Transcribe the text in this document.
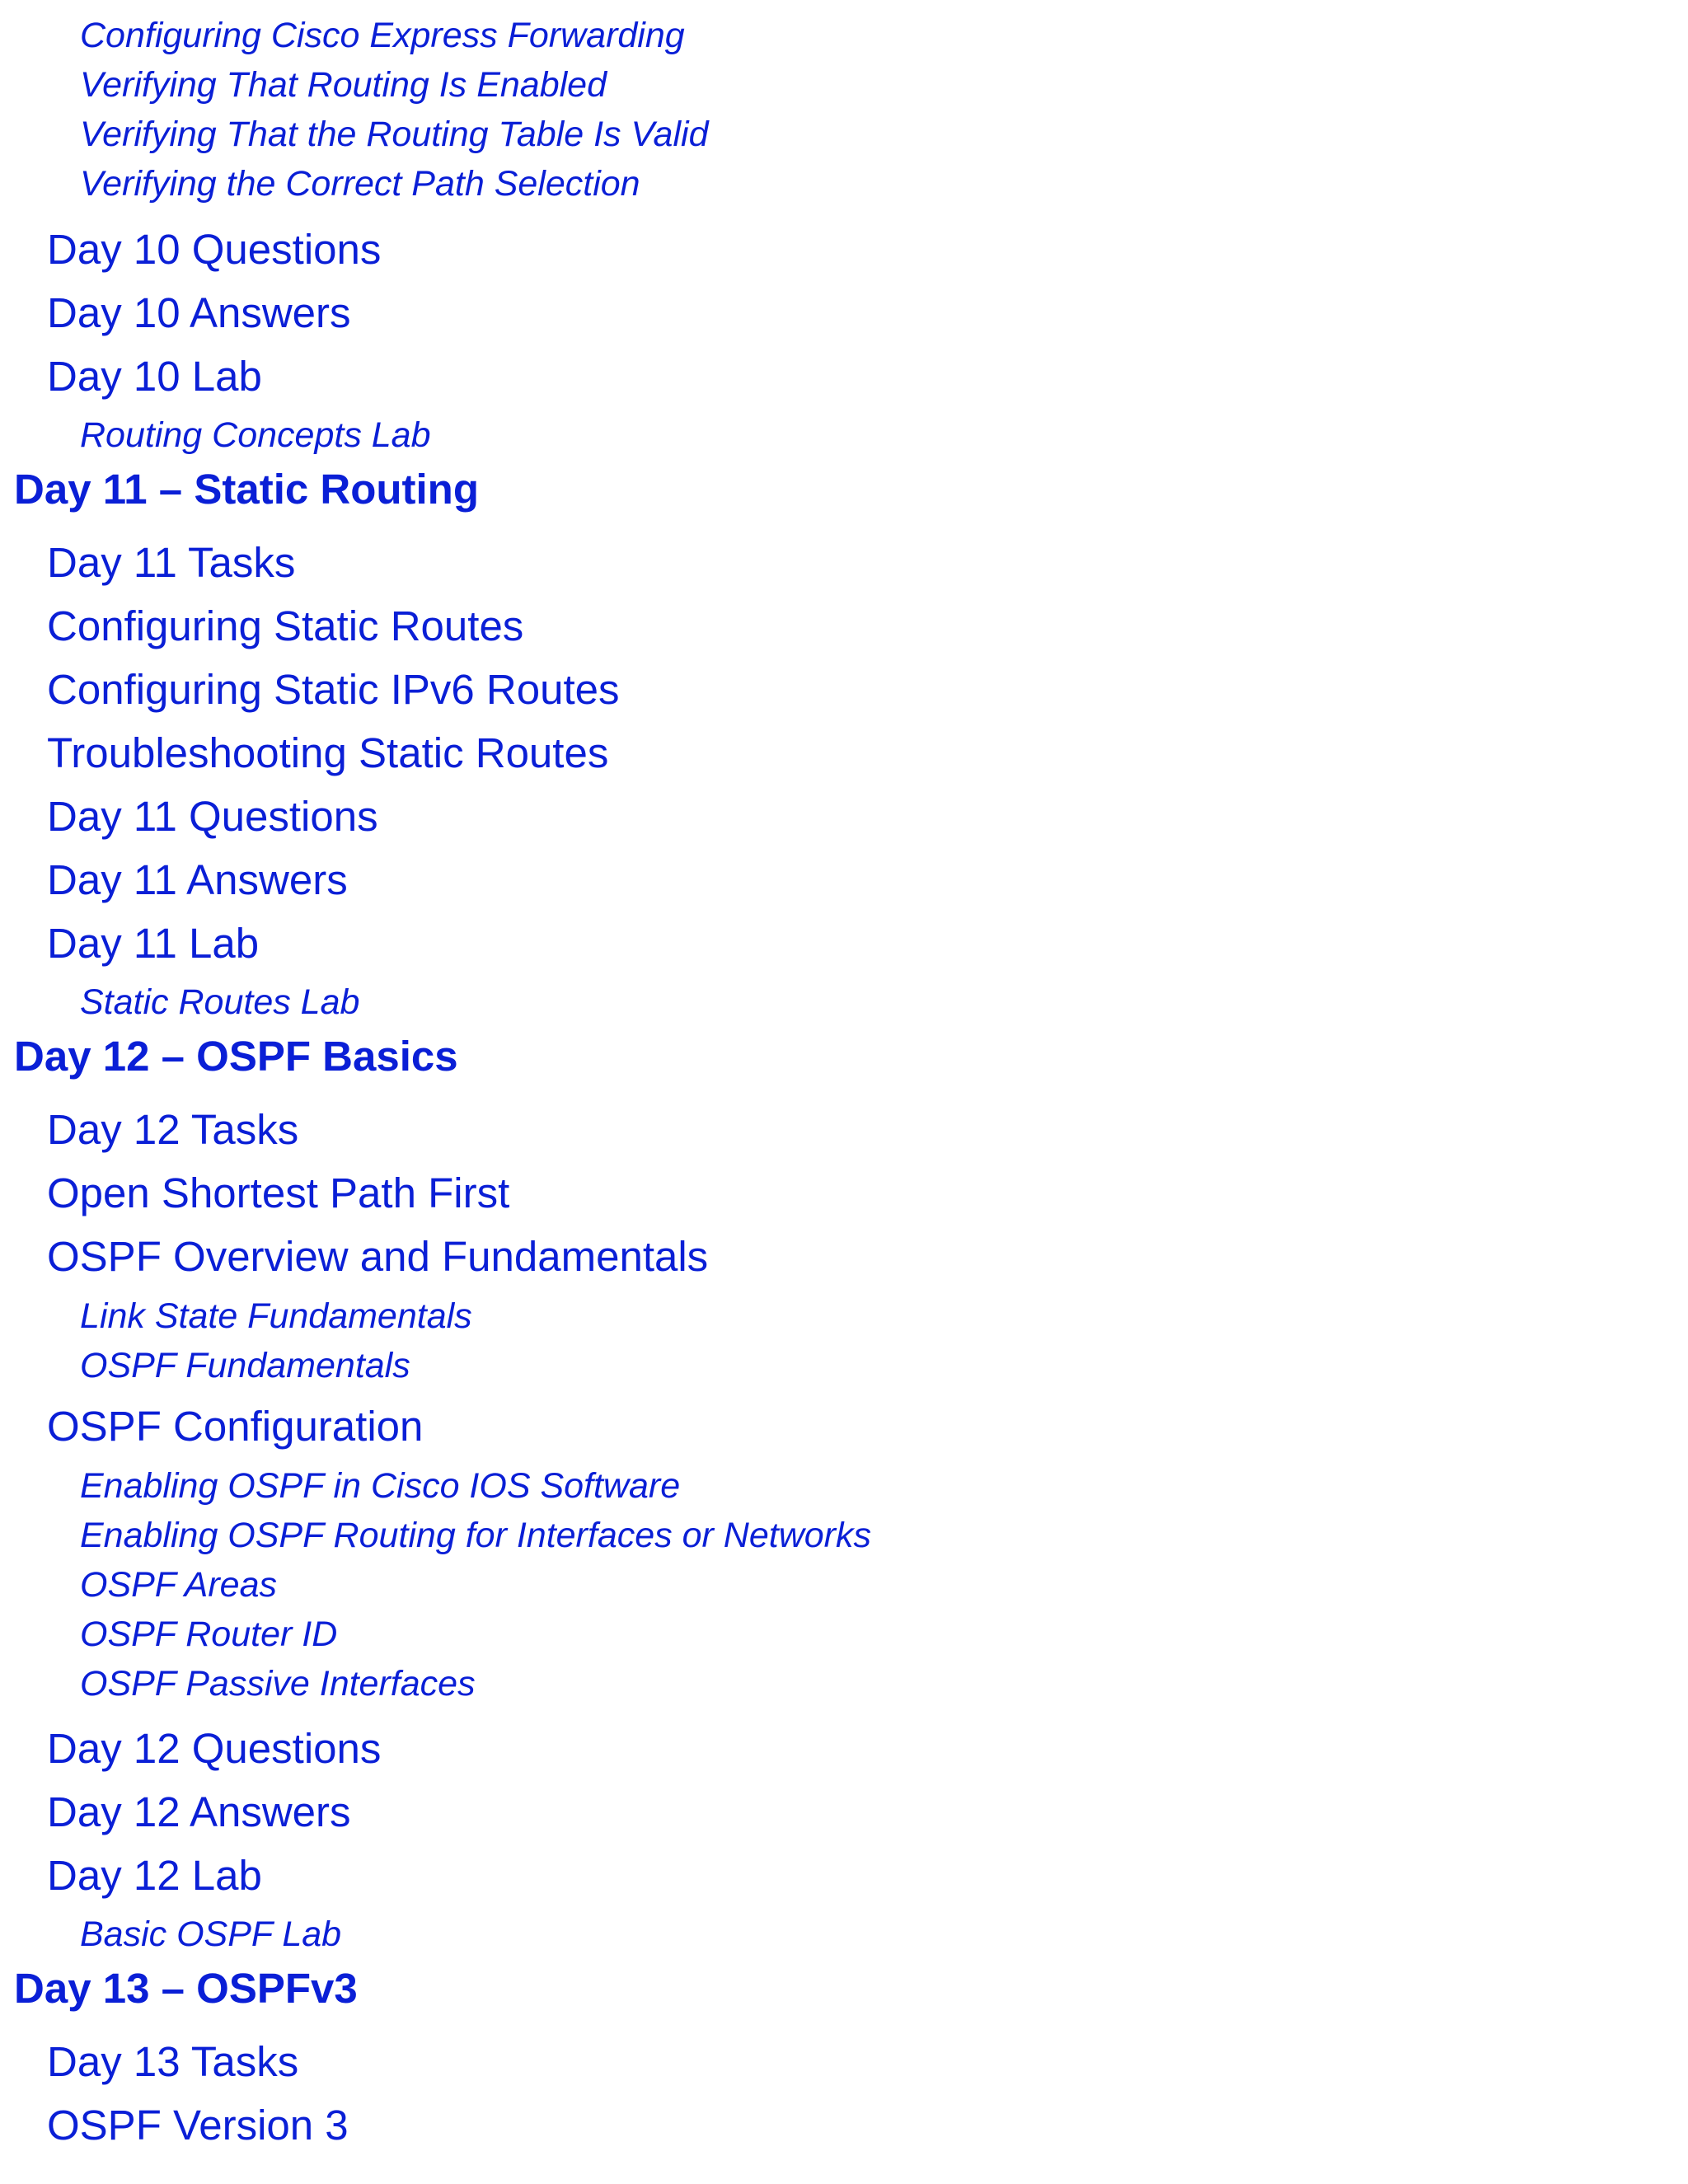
Configuring Cisco Express Forwarding
Verifying That Routing Is Enabled
Verifying That the Routing Table Is Valid
Verifying the Correct Path Selection
Day 10 Questions
Day 10 Answers
Day 10 Lab
Routing Concepts Lab
Day 11 – Static Routing
Day 11 Tasks
Configuring Static Routes
Configuring Static IPv6 Routes
Troubleshooting Static Routes
Day 11 Questions
Day 11 Answers
Day 11 Lab
Static Routes Lab
Day 12 – OSPF Basics
Day 12 Tasks
Open Shortest Path First
OSPF Overview and Fundamentals
Link State Fundamentals
OSPF Fundamentals
OSPF Configuration
Enabling OSPF in Cisco IOS Software
Enabling OSPF Routing for Interfaces or Networks
OSPF Areas
OSPF Router ID
OSPF Passive Interfaces
Day 12 Questions
Day 12 Answers
Day 12 Lab
Basic OSPF Lab
Day 13 – OSPFv3
Day 13 Tasks
OSPF Version 3
